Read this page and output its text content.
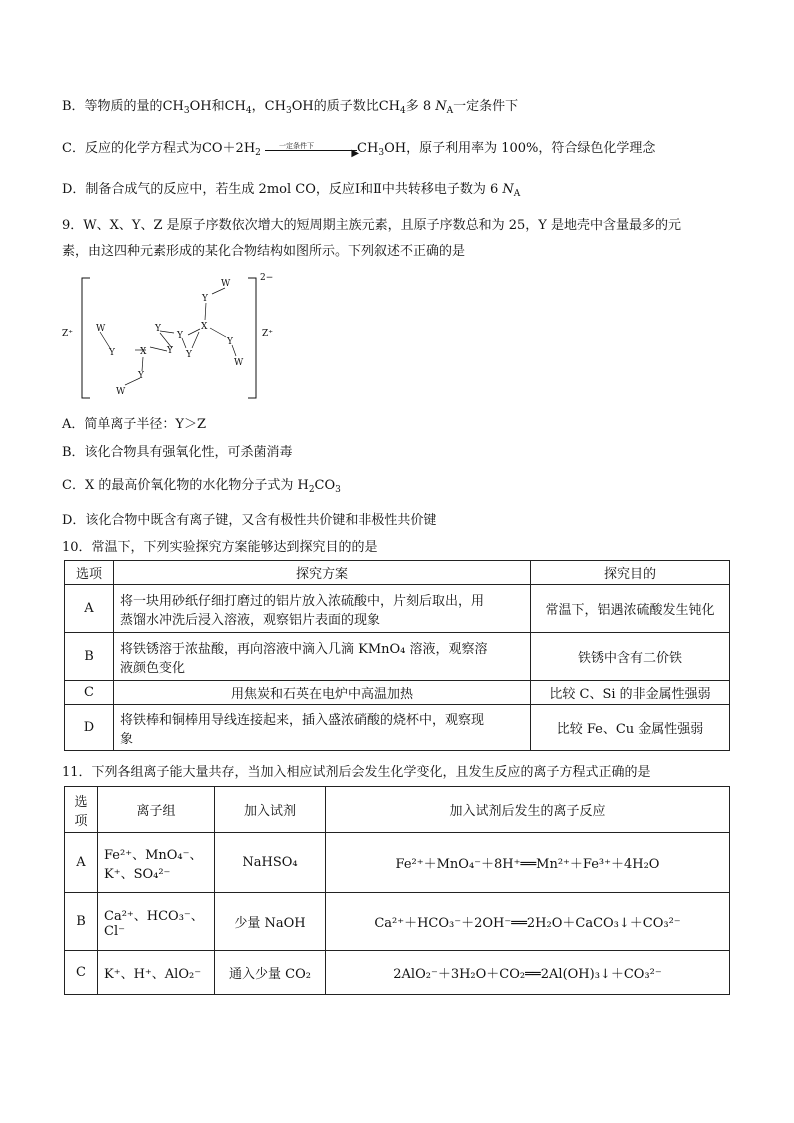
B．等物质的量的$CH_3OH$和$CH_4$，$CH_3OH$的质子数比$CH_4$多 8 $N_A$一定条件下
C．反应的化学方程式为$CO+2H_2$
一定条件下
▶
$CH_3OH$，原子利用率为 100%，符合绿色化学理念
D．制备合成气的反应中，若生成 2mol CO，反应Ⅰ和Ⅱ中共转移电子数为 6 $N_A$
9．W、X、Y、Z 是原子序数依次增大的短周期主族元素，且原子序数总和为 25，Y 是地壳中含量最多的元
素，由这四种元素形成的某化合物结构如图所示。下列叙述不正确的是
2−
Z⁺	Z⁺
W
Y
X
Y
W
Y
Y
Y Y
X
W
Y
Y
W
A．简单离子半径：Y＞Z
B．该化合物具有强氧化性，可杀菌消毒
C．X 的最高价氧化物的水化物分子式为 $H_2CO_3$
D．该化合物中既含有离子键，又含有极性共价键和非极性共价键
10．常温下，下列实验探究方案能够达到探究目的的是
选项	探究方案	探究目的
A	将一块用砂纸仔细打磨过的铝片放入浓硫酸中，片刻后取出，用
蒸馏水冲洗后浸入溶液，观察铝片表面的现象	常温下，铝遇浓硫酸发生钝化
B	将铁锈溶于浓盐酸，再向溶液中滴入几滴 KMnO₄ 溶液，观察溶
液颜色变化	铁锈中含有二价铁
C	用焦炭和石英在电炉中高温加热	比较 C、Si 的非金属性强弱
D	将铁棒和铜棒用导线连接起来，插入盛浓硝酸的烧杯中，观察现
象	比较 Fe、Cu 金属性强弱
11．下列各组离子能大量共存，当加入相应试剂后会发生化学变化，且发生反应的离子方程式正确的是
选项	离子组	加入试剂	加入试剂后发生的离子反应
A	Fe²⁺、MnO₄⁻、
K⁺、SO₄²⁻	NaHSO₄	Fe²⁺＋MnO₄⁻＋8H⁺══Mn²⁺＋Fe³⁺＋4H₂O
B	Ca²⁺、HCO₃⁻、
Cl⁻	少量 NaOH	Ca²⁺＋HCO₃⁻＋2OH⁻══2H₂O＋CaCO₃↓＋CO₃²⁻
C	K⁺、H⁺、AlO₂⁻	通入少量 CO₂	2AlO₂⁻＋3H₂O＋CO₂══2Al(OH)₃↓＋CO₃²⁻
